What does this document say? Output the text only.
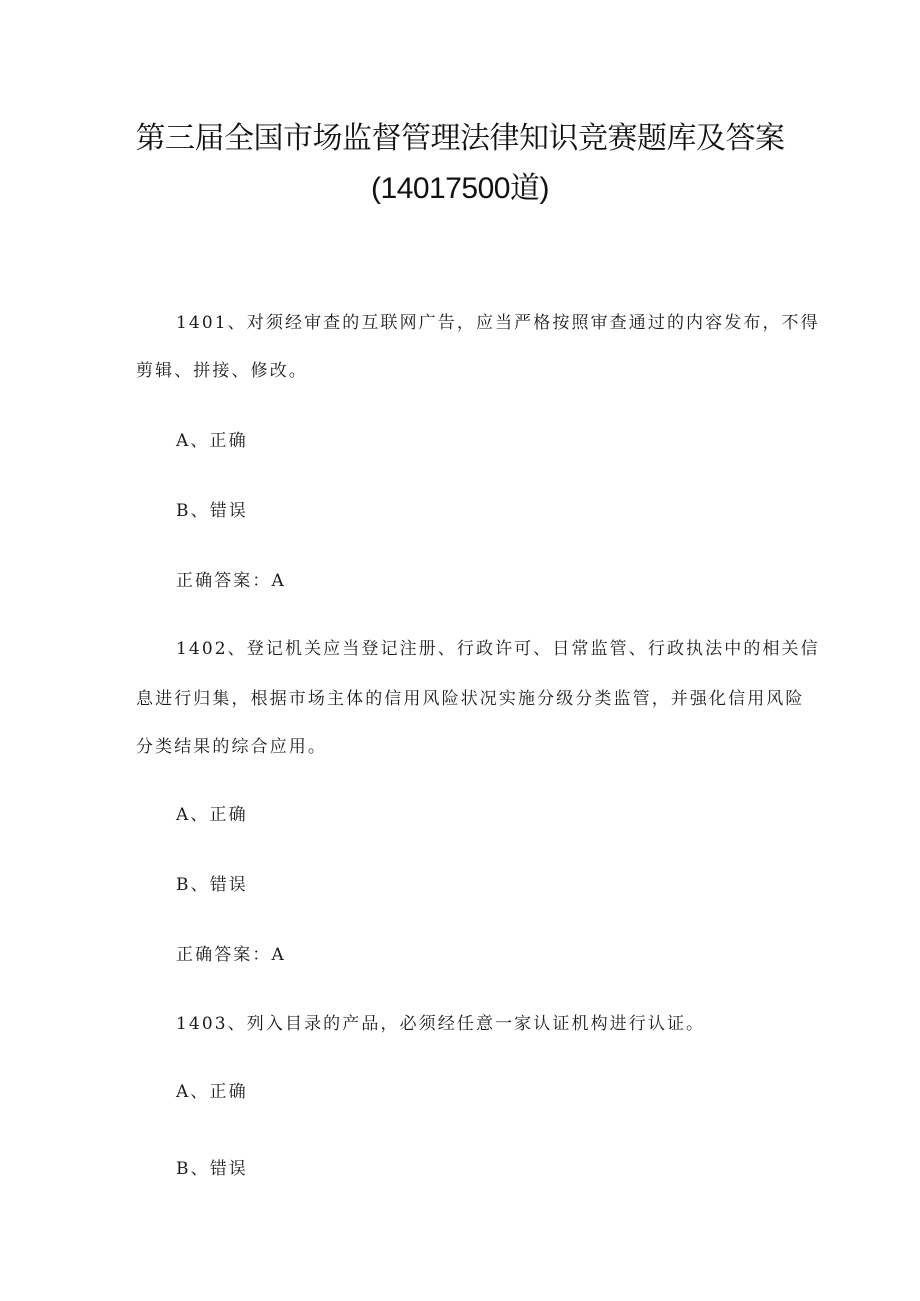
第三届全国市场监督管理法律知识竞赛题库及答案
(14017500道)
1401、对须经审查的互联网广告，应当严格按照审查通过的内容发布，不得
剪辑、拼接、修改。
A、正确
B、错误
正确答案：A
1402、登记机关应当登记注册、行政许可、日常监管、行政执法中的相关信
息进行归集，根据市场主体的信用风险状况实施分级分类监管，并强化信用风险
分类结果的综合应用。
A、正确
B、错误
正确答案：A
1403、列入目录的产品，必须经任意一家认证机构进行认证。
A、正确
B、错误
